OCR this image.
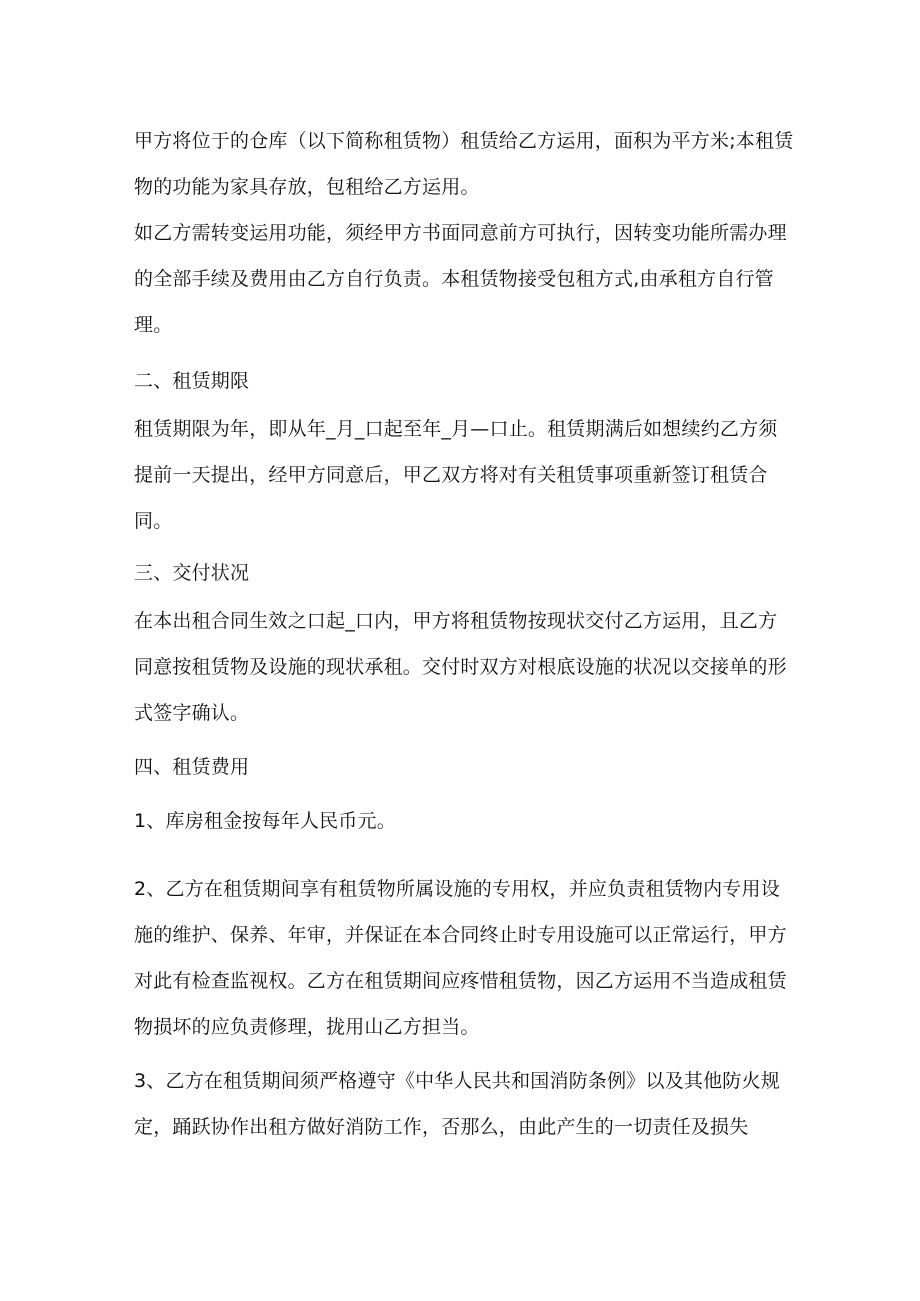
甲方将位于的仓库（以下简称租赁物）租赁给乙方运用，面积为平方米;本租赁物的功能为家具存放，包租给乙方运用。
如乙方需转变运用功能，须经甲方书面同意前方可执行，因转变功能所需办理的全部手续及费用由乙方自行负责。本租赁物接受包租方式,由承租方自行管理。
二、租赁期限
租赁期限为年，即从年_月_口起至年_月—口止。租赁期满后如想续约乙方须提前一天提出，经甲方同意后，甲乙双方将对有关租赁事项重新签订租赁合同。
三、交付状况
在本出租合同生效之口起_口内，甲方将租赁物按现状交付乙方运用，且乙方同意按租赁物及设施的现状承租。交付时双方对根底设施的状况以交接单的形式签字确认。
四、租赁费用
1、库房租金按每年人民币元。
2、乙方在租赁期间享有租赁物所属设施的专用权，并应负责租赁物内专用设施的维护、保养、年审，并保证在本合同终止时专用设施可以正常运行，甲方对此有检查监视权。乙方在租赁期间应疼惜租赁物，因乙方运用不当造成租赁物损坏的应负责修理，拢用山乙方担当。
3、乙方在租赁期间须严格遵守《中华人民共和国消防条例》以及其他防火规定，踊跃协作出租方做好消防工作，否那么，由此产生的一切责任及损失
